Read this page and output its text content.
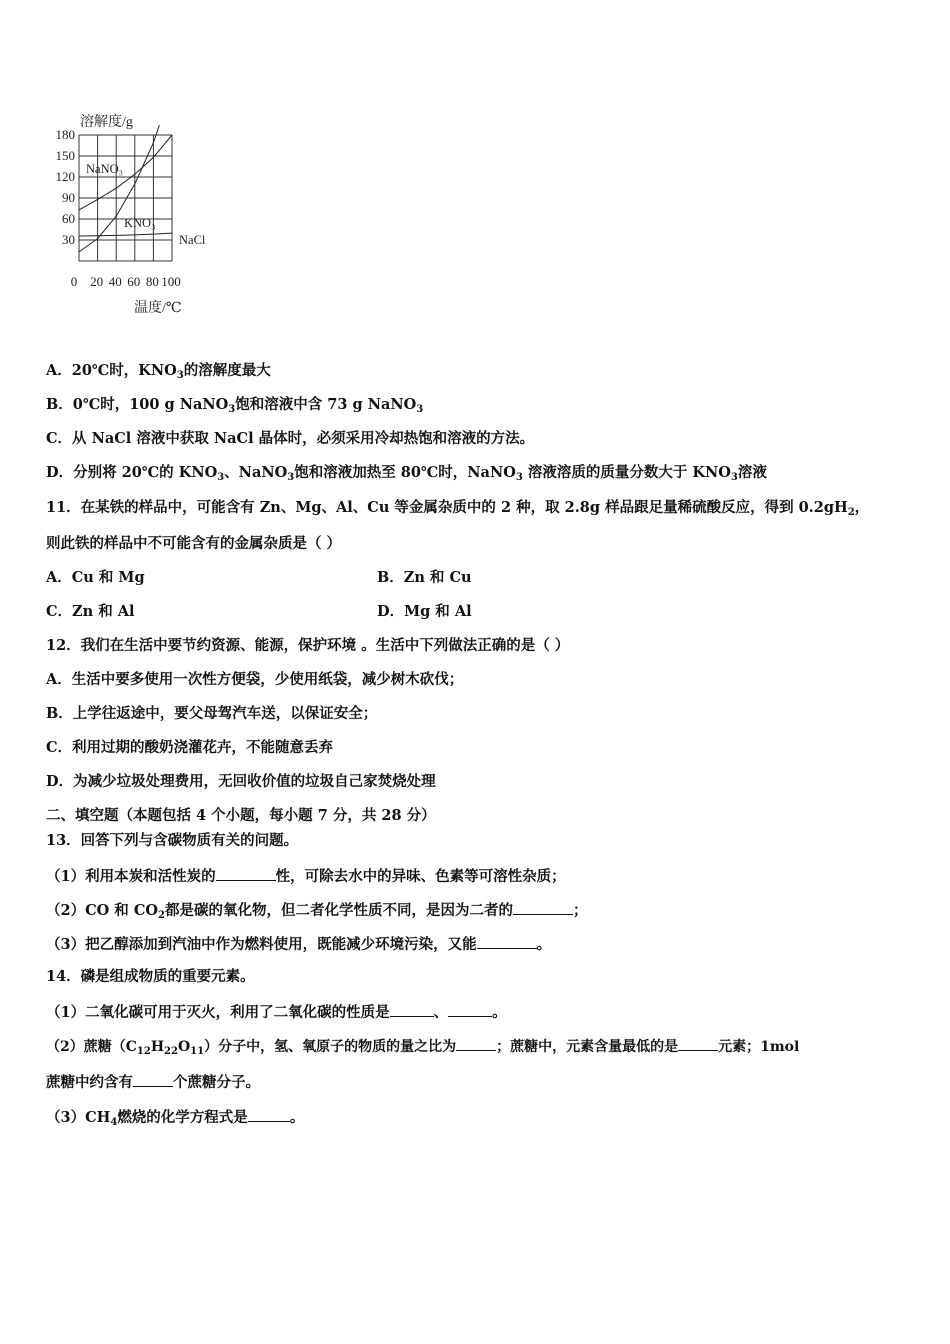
溶解度/g
温度/℃
180
150
120
90
60
30
0 20 40 60 80 100
NaNO₃
KNO₃
NaCl
A．20℃时，$KNO_3$的溶解度最大
B．0℃时，100 g NaNO$_3$饱和溶液中含 73 g NaNO$_3$
C．从 NaCl 溶液中获取 NaCl 晶体时，必须采用冷却热饱和溶液的方法。
D．分别将 20℃的 $KNO_3$、NaNO$_3$饱和溶液加热至 80℃时，NaNO$_3$ 溶液溶质的质量分数大于 $KNO_3$溶液
11．在某铁的样品中，可能含有 Zn、Mg、Al、Cu 等金属杂质中的 2 种，取 2.8g 样品跟足量稀硫酸反应，得到 $0.2gH_2$，
则此铁的样品中不可能含有的金属杂质是（ ）
A．Cu 和 Mg	B．Zn 和 Cu
C．Zn 和 Al	D．Mg 和 Al
12．我们在生活中要节约资源、能源，保护环境 。生活中下列做法正确的是（ ）
A．生活中要多使用一次性方便袋，少使用纸袋，减少树木砍伐；
B．上学往返途中，要父母驾汽车送，以保证安全；
C．利用过期的酸奶浇灌花卉，不能随意丢弃
D．为减少垃圾处理费用，无回收价值的垃圾自己家焚烧处理
二、填空题（本题包括 4 个小题，每小题 7 分，共 28 分）
13．回答下列与含碳物质有关的问题。
（1）利用本炭和活性炭的	性，可除去水中的异味、色素等可溶性杂质；
（2）CO 和 $CO_2$都是碳的氧化物，但二者化学性质不同，是因为二者的	；
（3）把乙醇添加到汽油中作为燃料使用，既能减少环境污染，又能	。
14．磷是组成物质的重要元素。
（1）二氧化碳可用于灭火，利用了二氧化碳的性质是	、	。
（2）蔗糖$(C_{12}H_{22}O_{11})$分子中，氢、氧原子的物质的量之比为	；蔗糖中，元素含量最低的是	元素；1mol
蔗糖中约含有	个蔗糖分子。
$(3)CH_4$燃烧的化学方程式是	。
